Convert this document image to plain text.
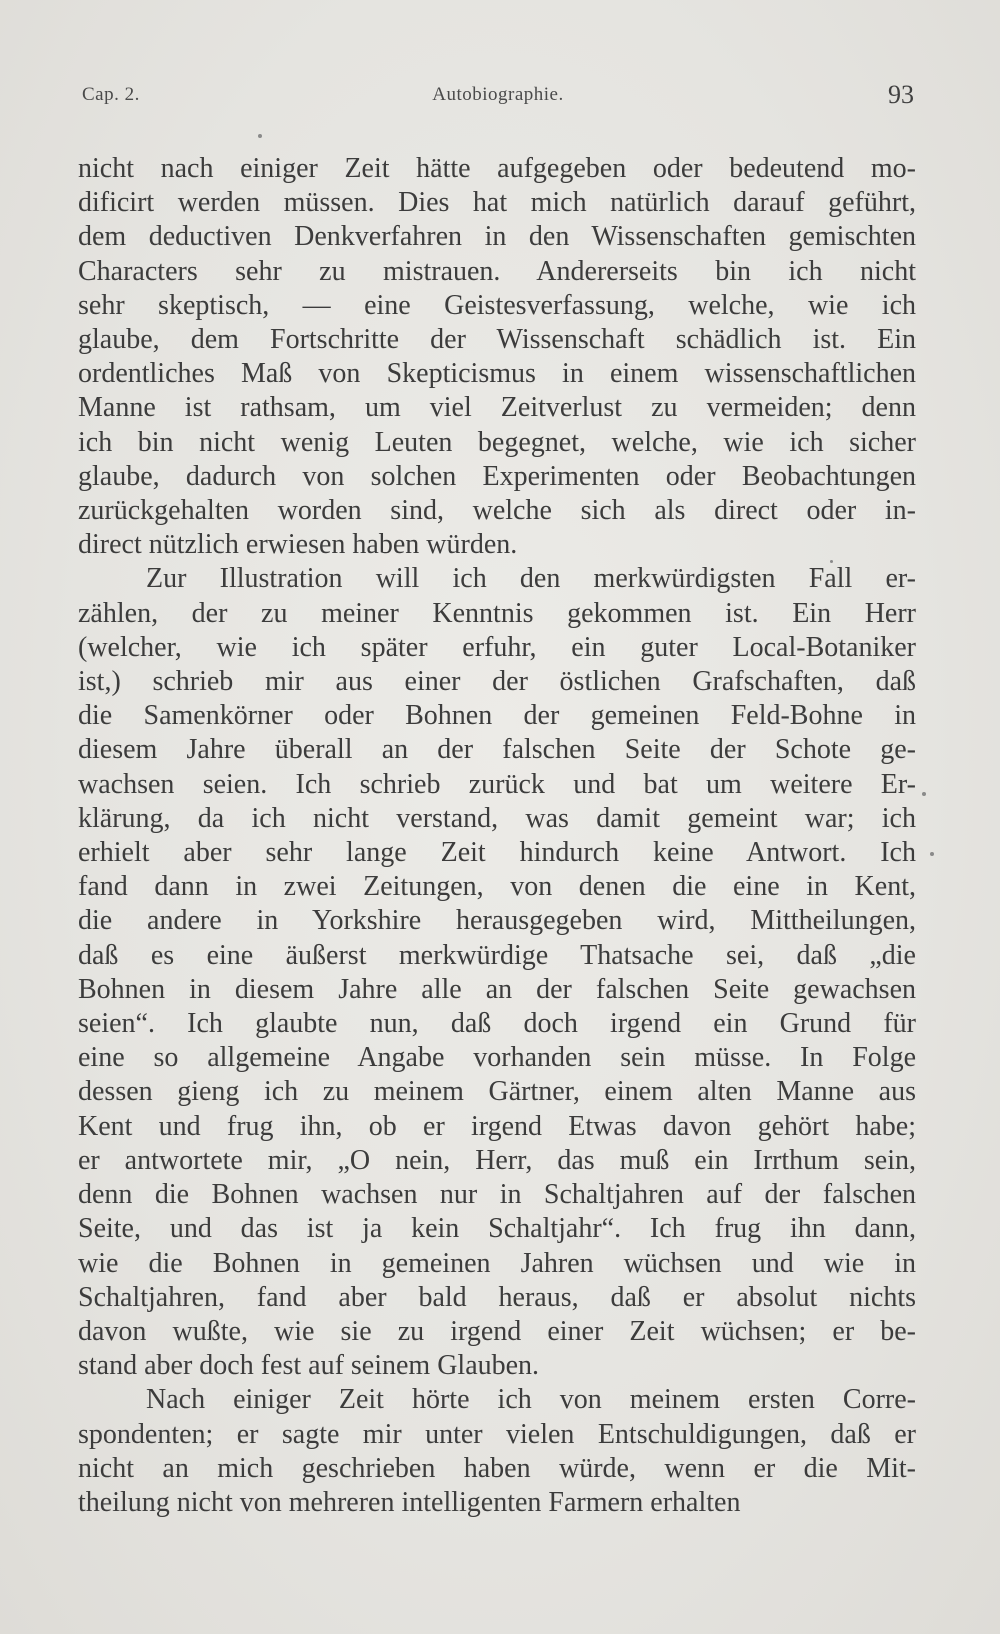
Cap. 2.	Autobiographie.	93
nicht nach einiger Zeit hätte aufgegeben oder bedeutend mo-
dificirt werden müssen. Dies hat mich natürlich darauf geführt,
dem deductiven Denkverfahren in den Wissenschaften gemischten
Characters sehr zu mistrauen. Andererseits bin ich nicht
sehr skeptisch, — eine Geistesverfassung, welche, wie ich
glaube, dem Fortschritte der Wissenschaft schädlich ist. Ein
ordentliches Maß von Skepticismus in einem wissenschaftlichen
Manne ist rathsam, um viel Zeitverlust zu vermeiden; denn
ich bin nicht wenig Leuten begegnet, welche, wie ich sicher
glaube, dadurch von solchen Experimenten oder Beobachtungen
zurückgehalten worden sind, welche sich als direct oder in-
direct nützlich erwiesen haben würden.
Zur Illustration will ich den merkwürdigsten Fall er-
zählen, der zu meiner Kenntnis gekommen ist. Ein Herr
(welcher, wie ich später erfuhr, ein guter Local-Botaniker
ist,) schrieb mir aus einer der östlichen Grafschaften, daß
die Samenkörner oder Bohnen der gemeinen Feld-Bohne in
diesem Jahre überall an der falschen Seite der Schote ge-
wachsen seien. Ich schrieb zurück und bat um weitere Er-
klärung, da ich nicht verstand, was damit gemeint war; ich
erhielt aber sehr lange Zeit hindurch keine Antwort. Ich
fand dann in zwei Zeitungen, von denen die eine in Kent,
die andere in Yorkshire herausgegeben wird, Mittheilungen,
daß es eine äußerst merkwürdige Thatsache sei, daß „die
Bohnen in diesem Jahre alle an der falschen Seite gewachsen
seien“. Ich glaubte nun, daß doch irgend ein Grund für
eine so allgemeine Angabe vorhanden sein müsse. In Folge
dessen gieng ich zu meinem Gärtner, einem alten Manne aus
Kent und frug ihn, ob er irgend Etwas davon gehört habe;
er antwortete mir, „O nein, Herr, das muß ein Irrthum sein,
denn die Bohnen wachsen nur in Schaltjahren auf der falschen
Seite, und das ist ja kein Schaltjahr“. Ich frug ihn dann,
wie die Bohnen in gemeinen Jahren wüchsen und wie in
Schaltjahren, fand aber bald heraus, daß er absolut nichts
davon wußte, wie sie zu irgend einer Zeit wüchsen; er be-
stand aber doch fest auf seinem Glauben.
Nach einiger Zeit hörte ich von meinem ersten Corre-
spondenten; er sagte mir unter vielen Entschuldigungen, daß er
nicht an mich geschrieben haben würde, wenn er die Mit-
theilung nicht von mehreren intelligenten Farmern erhalten
